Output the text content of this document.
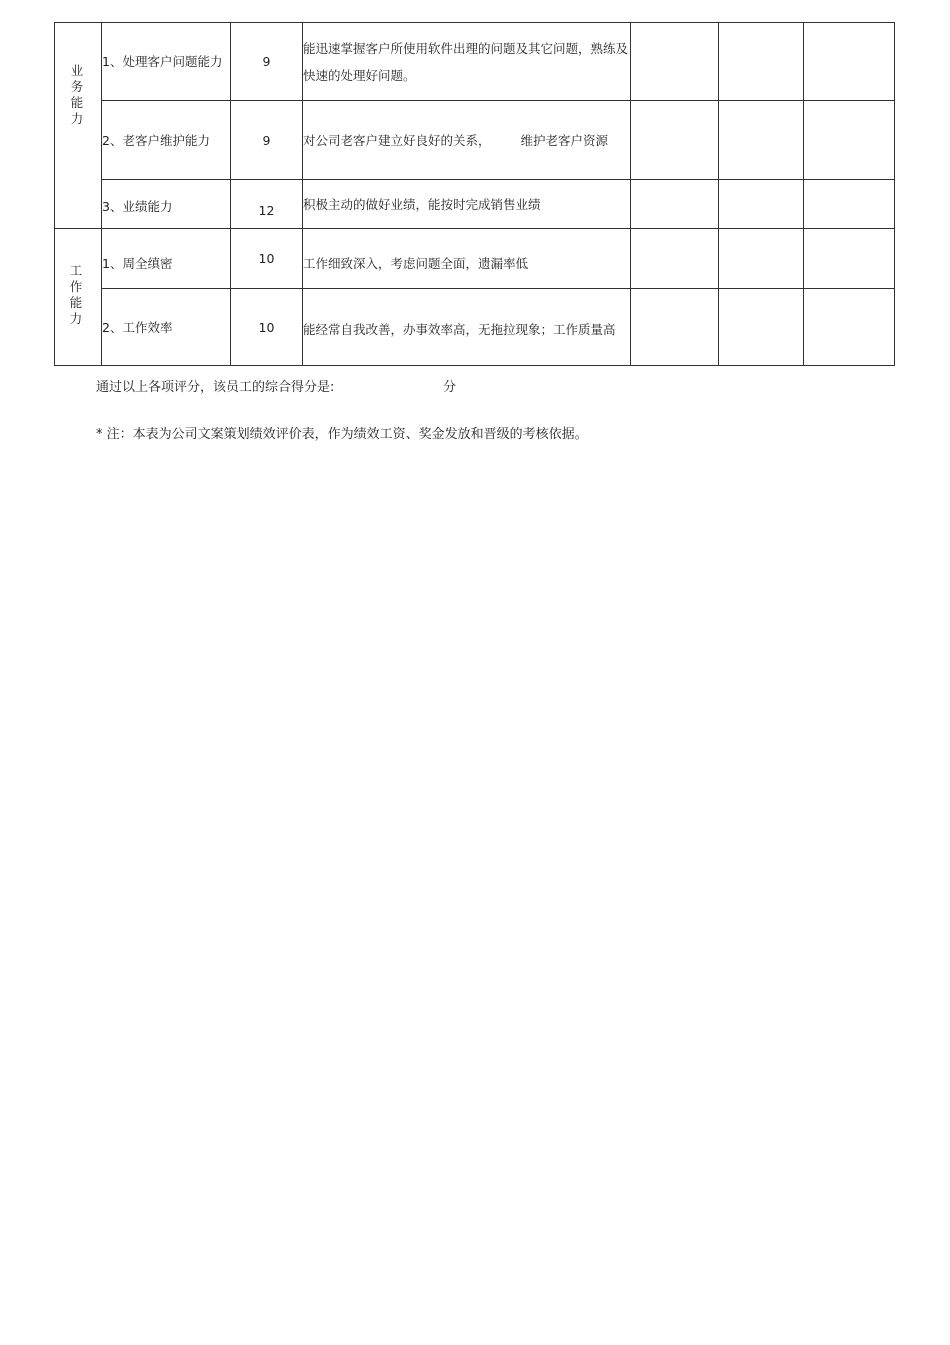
业务能力	1、处理客户问题能力	9	能迅速掌握客户所使用软件出理的问题及其它问题，熟练及快速的处理好问题。			
	2、老客户维护能力	9	对公司老客户建立好良好的关系， 维护老客户资源			
	3、业绩能力	12	积极主动的做好业绩，能按时完成销售业绩			
工作能力	1、周全缜密	10	工作细致深入，考虑问题全面，遗漏率低			
	2、工作效率	10	能经常自我改善，办事效率高，无拖拉现象；工作质量高			
通过以上各项评分，该员工的综合得分是:	分
* 注：本表为公司文案策划绩效评价表，作为绩效工资、奖金发放和晋级的考核依据。
